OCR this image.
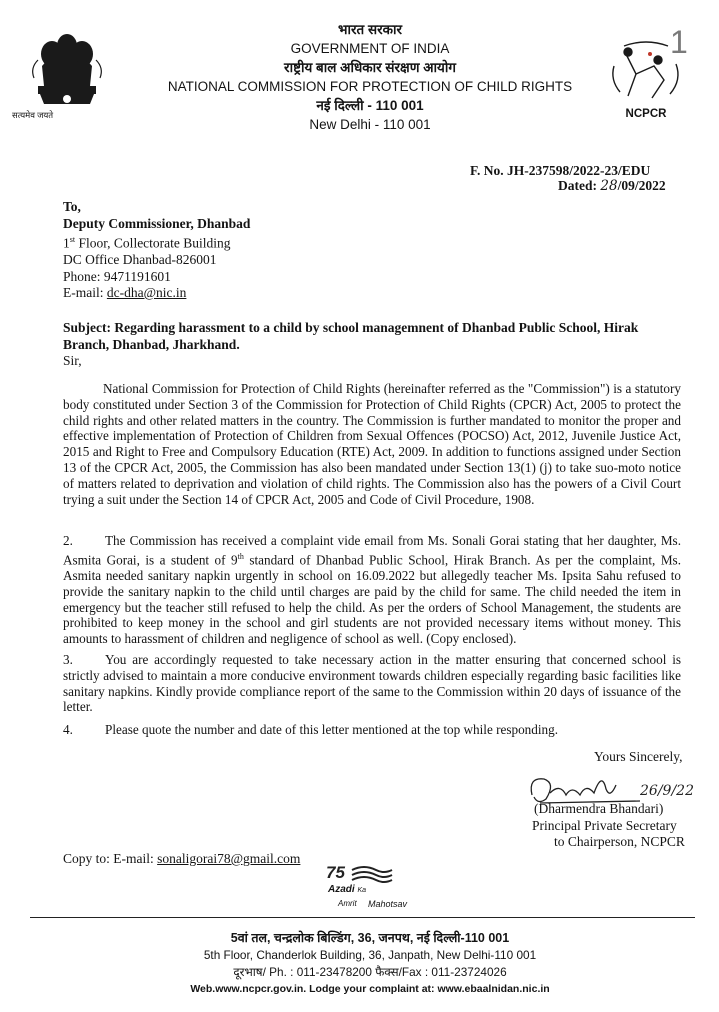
1
सत्यमेव जयते
भारत सरकार
GOVERNMENT OF INDIA
राष्ट्रीय बाल अधिकार संरक्षण आयोग
NATIONAL COMMISSION FOR PROTECTION OF CHILD RIGHTS
नई दिल्ली - 110 001
New Delhi - 110 001
NCPCR
F. No. JH-237598/2022-23/EDU
Dated: 28/09/2022
To,
Deputy Commissioner, Dhanbad
1st Floor, Collectorate Building
DC Office Dhanbad-826001
Phone: 9471191601
E-mail: dc-dha@nic.in
Subject: Regarding harassment to a child by school managemnent of Dhanbad Public School, Hirak Branch, Dhanbad, Jharkhand.
Sir,
National Commission for Protection of Child Rights (hereinafter referred as the "Commission") is a statutory body constituted under Section 3 of the Commission for Protection of Child Rights (CPCR) Act, 2005 to protect the child rights and other related matters in the country. The Commission is further mandated to monitor the proper and effective implementation of Protection of Children from Sexual Offences (POCSO) Act, 2012, Juvenile Justice Act, 2015 and Right to Free and Compulsory Education (RTE) Act, 2009. In addition to functions assigned under Section 13 of the CPCR Act, 2005, the Commission has also been mandated under Section 13(1) (j) to take suo-moto notice of matters related to deprivation and violation of child rights. The Commission also has the powers of a Civil Court trying a suit under the Section 14 of CPCR Act, 2005 and Code of Civil Procedure, 1908.
2. The Commission has received a complaint vide email from Ms. Sonali Gorai stating that her daughter, Ms. Asmita Gorai, is a student of 9th standard of Dhanbad Public School, Hirak Branch. As per the complaint, Ms. Asmita needed sanitary napkin urgently in school on 16.09.2022 but allegedly teacher Ms. Ipsita Sahu refused to provide the sanitary napkin to the child until charges are paid by the child for same. The child needed the item in emergency but the teacher still refused to help the child. As per the orders of School Management, the students are prohibited to keep money in the school and girl students are not provided necessary items without money. This amounts to harassment of children and negligence of school as well. (Copy enclosed).
3. You are accordingly requested to take necessary action in the matter ensuring that concerned school is strictly advised to maintain a more conducive environment towards children especially regarding basic facilities like sanitary napkins. Kindly provide compliance report of the same to the Commission within 20 days of issuance of the letter.
4. Please quote the number and date of this letter mentioned at the top while responding.
Yours Sincerely,
26/9/22
(Dharmendra Bhandari)
Principal Private Secretary
to Chairperson, NCPCR
Copy to: E-mail: sonaligorai78@gmail.com
75
Azadi Ka
Amrit Mahotsav
5वां तल, चन्द्रलोक बिल्डिंग, 36, जनपथ, नई दिल्ली-110 001
5th Floor, Chanderlok Building, 36, Janpath, New Delhi-110 001
दूरभाष/ Ph. : 011-23478200 फैक्स/Fax : 011-23724026
Web.www.ncpcr.gov.in. Lodge your complaint at: www.ebaalnidan.nic.in
